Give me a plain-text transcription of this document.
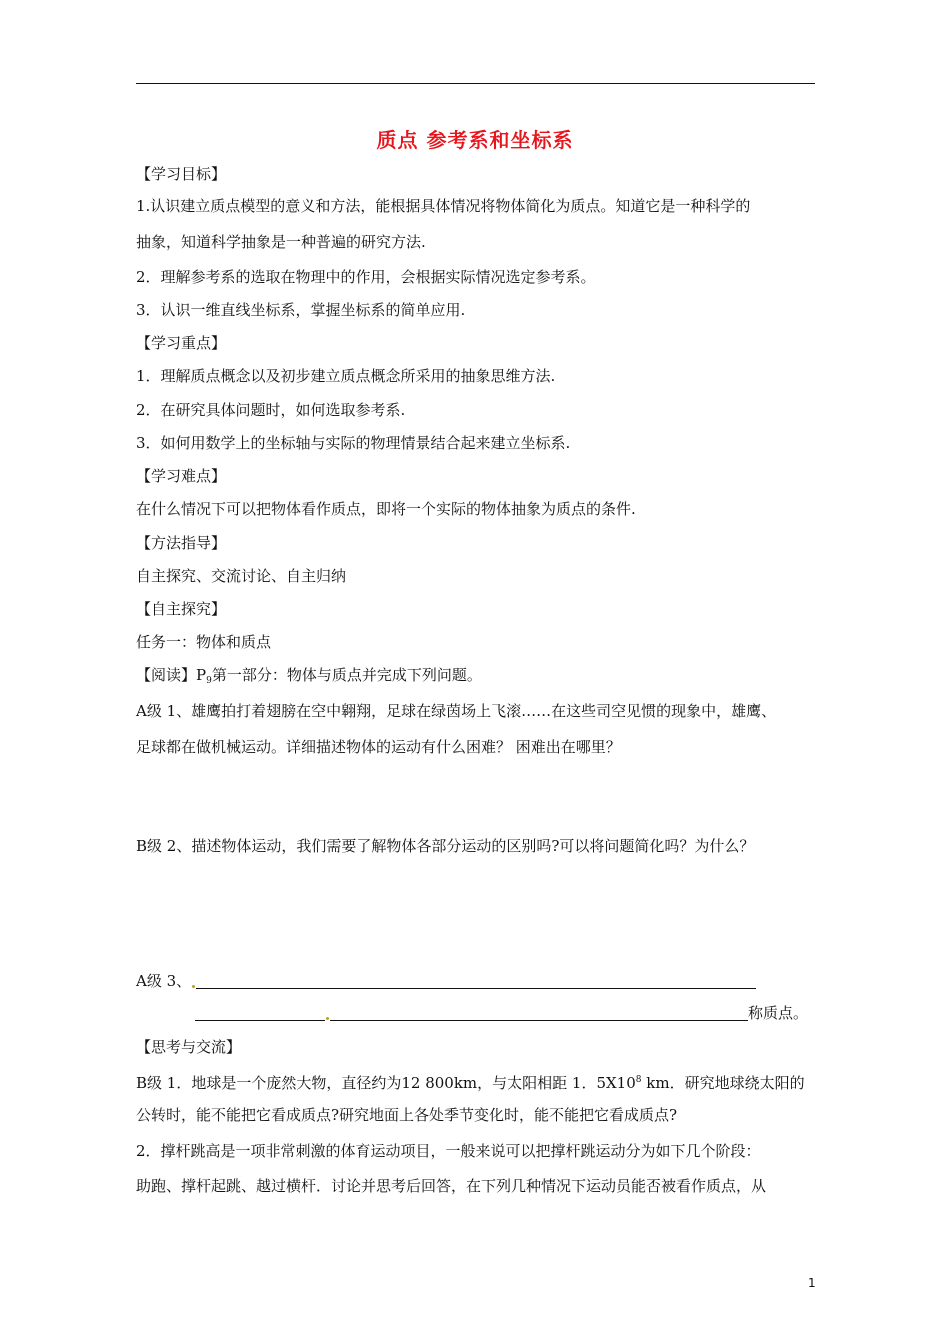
质点 参考系和坐标系
【学习目标】
1.认识建立质点模型的意义和方法，能根据具体情况将物体简化为质点。知道它是一种科学的
抽象，知道科学抽象是一种普遍的研究方法.
2．理解参考系的选取在物理中的作用，会根据实际情况选定参考系。
3．认识一维直线坐标系，掌握坐标系的简单应用.
【学习重点】
1．理解质点概念以及初步建立质点概念所采用的抽象思维方法.
2．在研究具体问题时，如何选取参考系.
3．如何用数学上的坐标轴与实际的物理情景结合起来建立坐标系.
【学习难点】
在什么情况下可以把物体看作质点，即将一个实际的物体抽象为质点的条件.
【方法指导】
自主探究、交流讨论、自主归纳
【自主探究】
任务一：物体和质点
【阅读】$P_9$第一部分：物体与质点并完成下列问题。
A级 1、雄鹰拍打着翅膀在空中翱翔，足球在绿茵场上飞滚……在这些司空见惯的现象中，雄鹰、
足球都在做机械运动。详细描述物体的运动有什么困难？ 困难出在哪里？
B级 2、描述物体运动，我们需要了解物体各部分运动的区别吗?可以将问题简化吗？为什么？
A级 3、
称质点。
【思考与交流】
B级 1．地球是一个庞然大物，直径约为12 800km，与太阳相距 1．$5X10^8$ km．研究地球绕太阳的
公转时，能不能把它看成质点?研究地面上各处季节变化时，能不能把它看成质点?
2．撑杆跳高是一项非常刺激的体育运动项目，一般来说可以把撑杆跳运动分为如下几个阶段：
助跑、撑杆起跳、越过横杆．讨论并思考后回答，在下列几种情况下运动员能否被看作质点，从
1
